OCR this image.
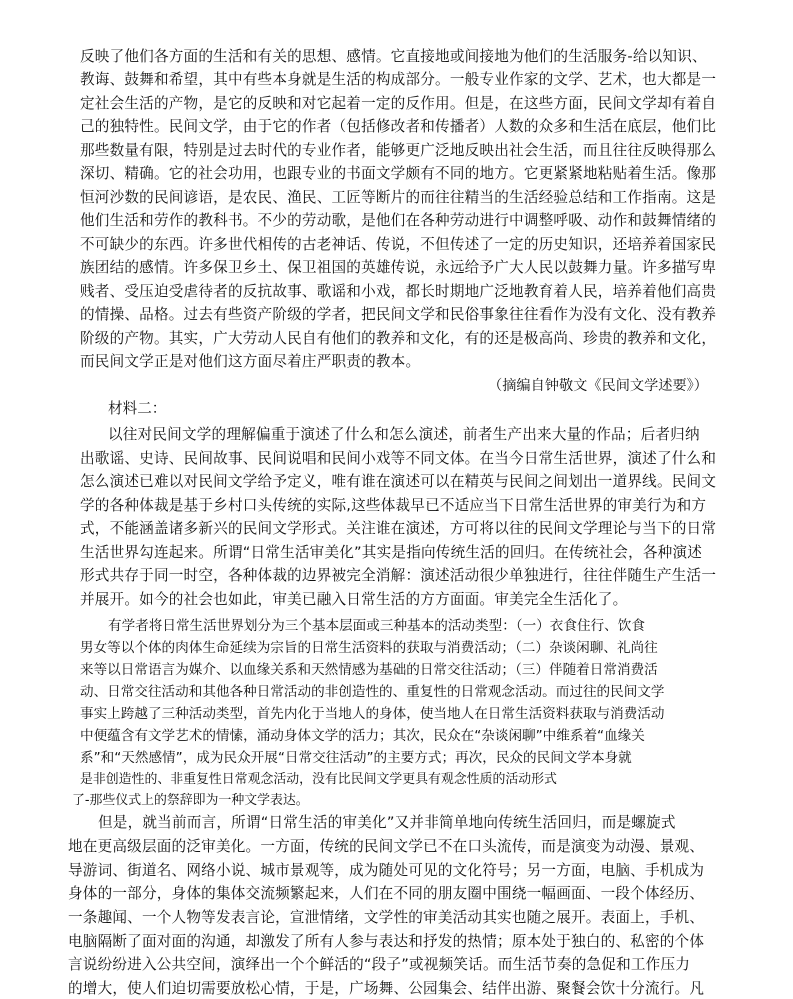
反映了他们各方面的生活和有关的思想、感情。它直接地或间接地为他们的生活服务-给以知识、
教诲、鼓舞和希望，其中有些本身就是生活的构成部分。一般专业作家的文学、艺术，也大都是一
定社会生活的产物，是它的反映和对它起着一定的反作用。但是，在这些方面，民间文学却有着自
己的独特性。民间文学，由于它的作者（包括修改者和传播者）人数的众多和生活在底层，他们比
那些数量有限，特别是过去时代的专业作者，能够更广泛地反映出社会生活，而且往往反映得那么
深切、精确。它的社会功用，也跟专业的书面文学颇有不同的地方。它更紧紧地粘贴着生活。像那
恒河沙数的民间谚语，是农民、渔民、工匠等断片的而往往精当的生活经验总结和工作指南。这是
他们生活和劳作的教科书。不少的劳动歌，是他们在各种劳动进行中调整呼吸、动作和鼓舞情绪的
不可缺少的东西。许多世代相传的古老神话、传说，不但传述了一定的历史知识，还培养着国家民
族团结的感情。许多保卫乡土、保卫祖国的英雄传说，永远给予广大人民以鼓舞力量。许多描写卑
贱者、受压迫受虐待者的反抗故事、歌谣和小戏，都长时期地广泛地教育着人民，培养着他们高贵
的情操、品格。过去有些资产阶级的学者，把民间文学和民俗事象往往看作为没有文化、没有教养
阶级的产物。其实，广大劳动人民自有他们的教养和文化，有的还是极高尚、珍贵的教养和文化，
而民间文学正是对他们这方面尽着庄严职责的教本。
（摘编自钟敬文《民间文学述要》）
材料二：
以往对民间文学的理解偏重于演述了什么和怎么演述，前者生产出来大量的作品；后者归纳
出歌谣、史诗、民间故事、民间说唱和民间小戏等不同文体。在当今日常生活世界，演述了什么和
怎么演述已难以对民间文学给予定义，唯有谁在演述可以在精英与民间之间划出一道界线。民间文
学的各种体裁是基于乡村口头传统的实际,这些体裁早已不适应当下日常生活世界的审美行为和方
式，不能涵盖诸多新兴的民间文学形式。关注谁在演述，方可将以往的民间文学理论与当下的日常
生活世界勾连起来。所谓“日常生活审美化”其实是指向传统生活的回归。在传统社会，各种演述
形式共存于同一时空，各种体裁的边界被完全消解：演述活动很少单独进行，往往伴随生产生活一
并展开。如今的社会也如此，审美已融入日常生活的方方面面。审美完全生活化了。
有学者将日常生活世界划分为三个基本层面或三种基本的活动类型：（一）衣食住行、饮食
男女等以个体的肉体生命延续为宗旨的日常生活资料的获取与消费活动；（二）杂谈闲聊、礼尚往
来等以日常语言为媒介、以血缘关系和天然情感为基础的日常交往活动；（三）伴随着日常消费活
动、日常交往活动和其他各种日常活动的非创造性的、重复性的日常观念活动。而过往的民间文学
事实上跨越了三种活动类型，首先内化于当地人的身体，使当地人在日常生活资料获取与消费活动
中便蕴含有文学艺术的情愫，涌动身体文学的活力；其次，民众在“杂谈闲聊”中维系着“血缘关
系”和“天然感情”，成为民众开展“日常交往活动”的主要方式；再次，民众的民间文学本身就
是非创造性的、非重复性日常观念活动，没有比民间文学更具有观念性质的活动形式
了-那些仪式上的祭辞即为一种文学表达。
但是，就当前而言，所谓“日常生活的审美化”又并非简单地向传统生活回归，而是螺旋式
地在更高级层面的泛审美化。一方面，传统的民间文学已不在口头流传，而是演变为动漫、景观、
导游词、街道名、网络小说、城市景观等，成为随处可见的文化符号；另一方面，电脑、手机成为
身体的一部分，身体的集体交流频繁起来，人们在不同的朋友圈中围绕一幅画面、一段个体经历、
一条趣闻、一个人物等发表言论，宣泄情绪，文学性的审美活动其实也随之展开。表面上，手机、
电脑隔断了面对面的沟通，却激发了所有人参与表达和抒发的热情；原本处于独白的、私密的个体
言说纷纷进入公共空间，演绎出一个个鲜活的“段子”或视频笑话。而生活节奏的急促和工作压力
的增大，使人们迫切需要放松心情，于是，广场舞、公园集会、结伴出游、聚餐会饮十分流行。凡
